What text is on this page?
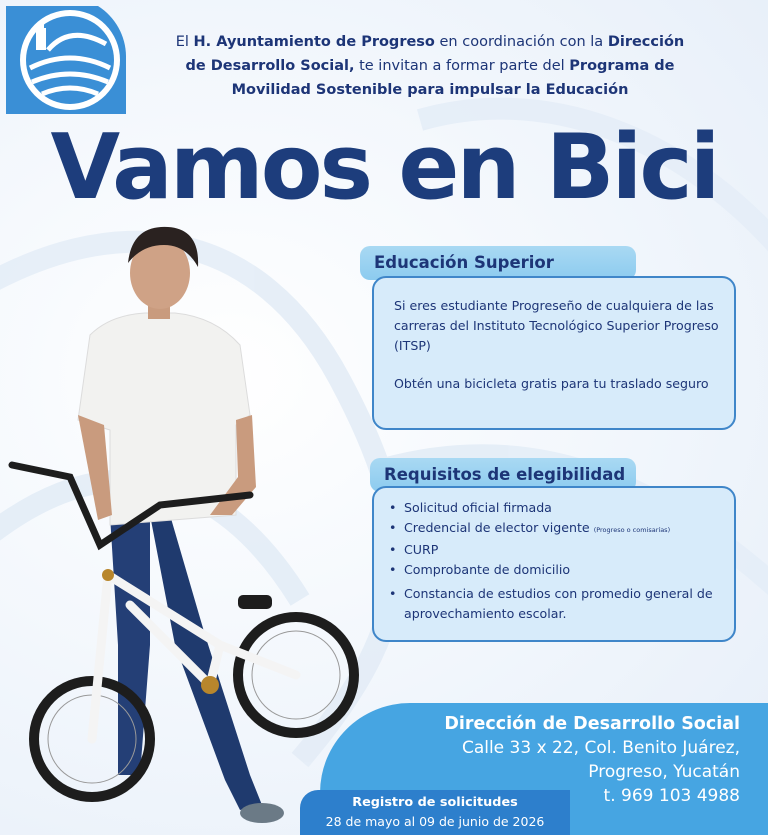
El H. Ayuntamiento de Progreso en coordinación con la Dirección
de Desarrollo Social, te invitan a formar parte del Programa de
Movilidad Sostenible para impulsar la Educación
Vamos en Bici
Educación Superior
Si eres estudiante Progreseño de cualquiera de las carreras del Instituto Tecnológico Superior Progreso (ITSP)
Obtén una bicicleta gratis para tu traslado seguro
Requisitos de elegibilidad
• Solicitud oficial firmada
• Credencial de elector vigente (Progreso o comisarías)
• CURP
• Comprobante de domicilio
• Constancia de estudios con promedio general de aprovechamiento escolar.
Dirección de Desarrollo Social
Calle 33 x 22, Col. Benito Juárez,
Progreso, Yucatán
t. 969 103 4988
Registro de solicitudes
28 de mayo al 09 de junio de 2026
